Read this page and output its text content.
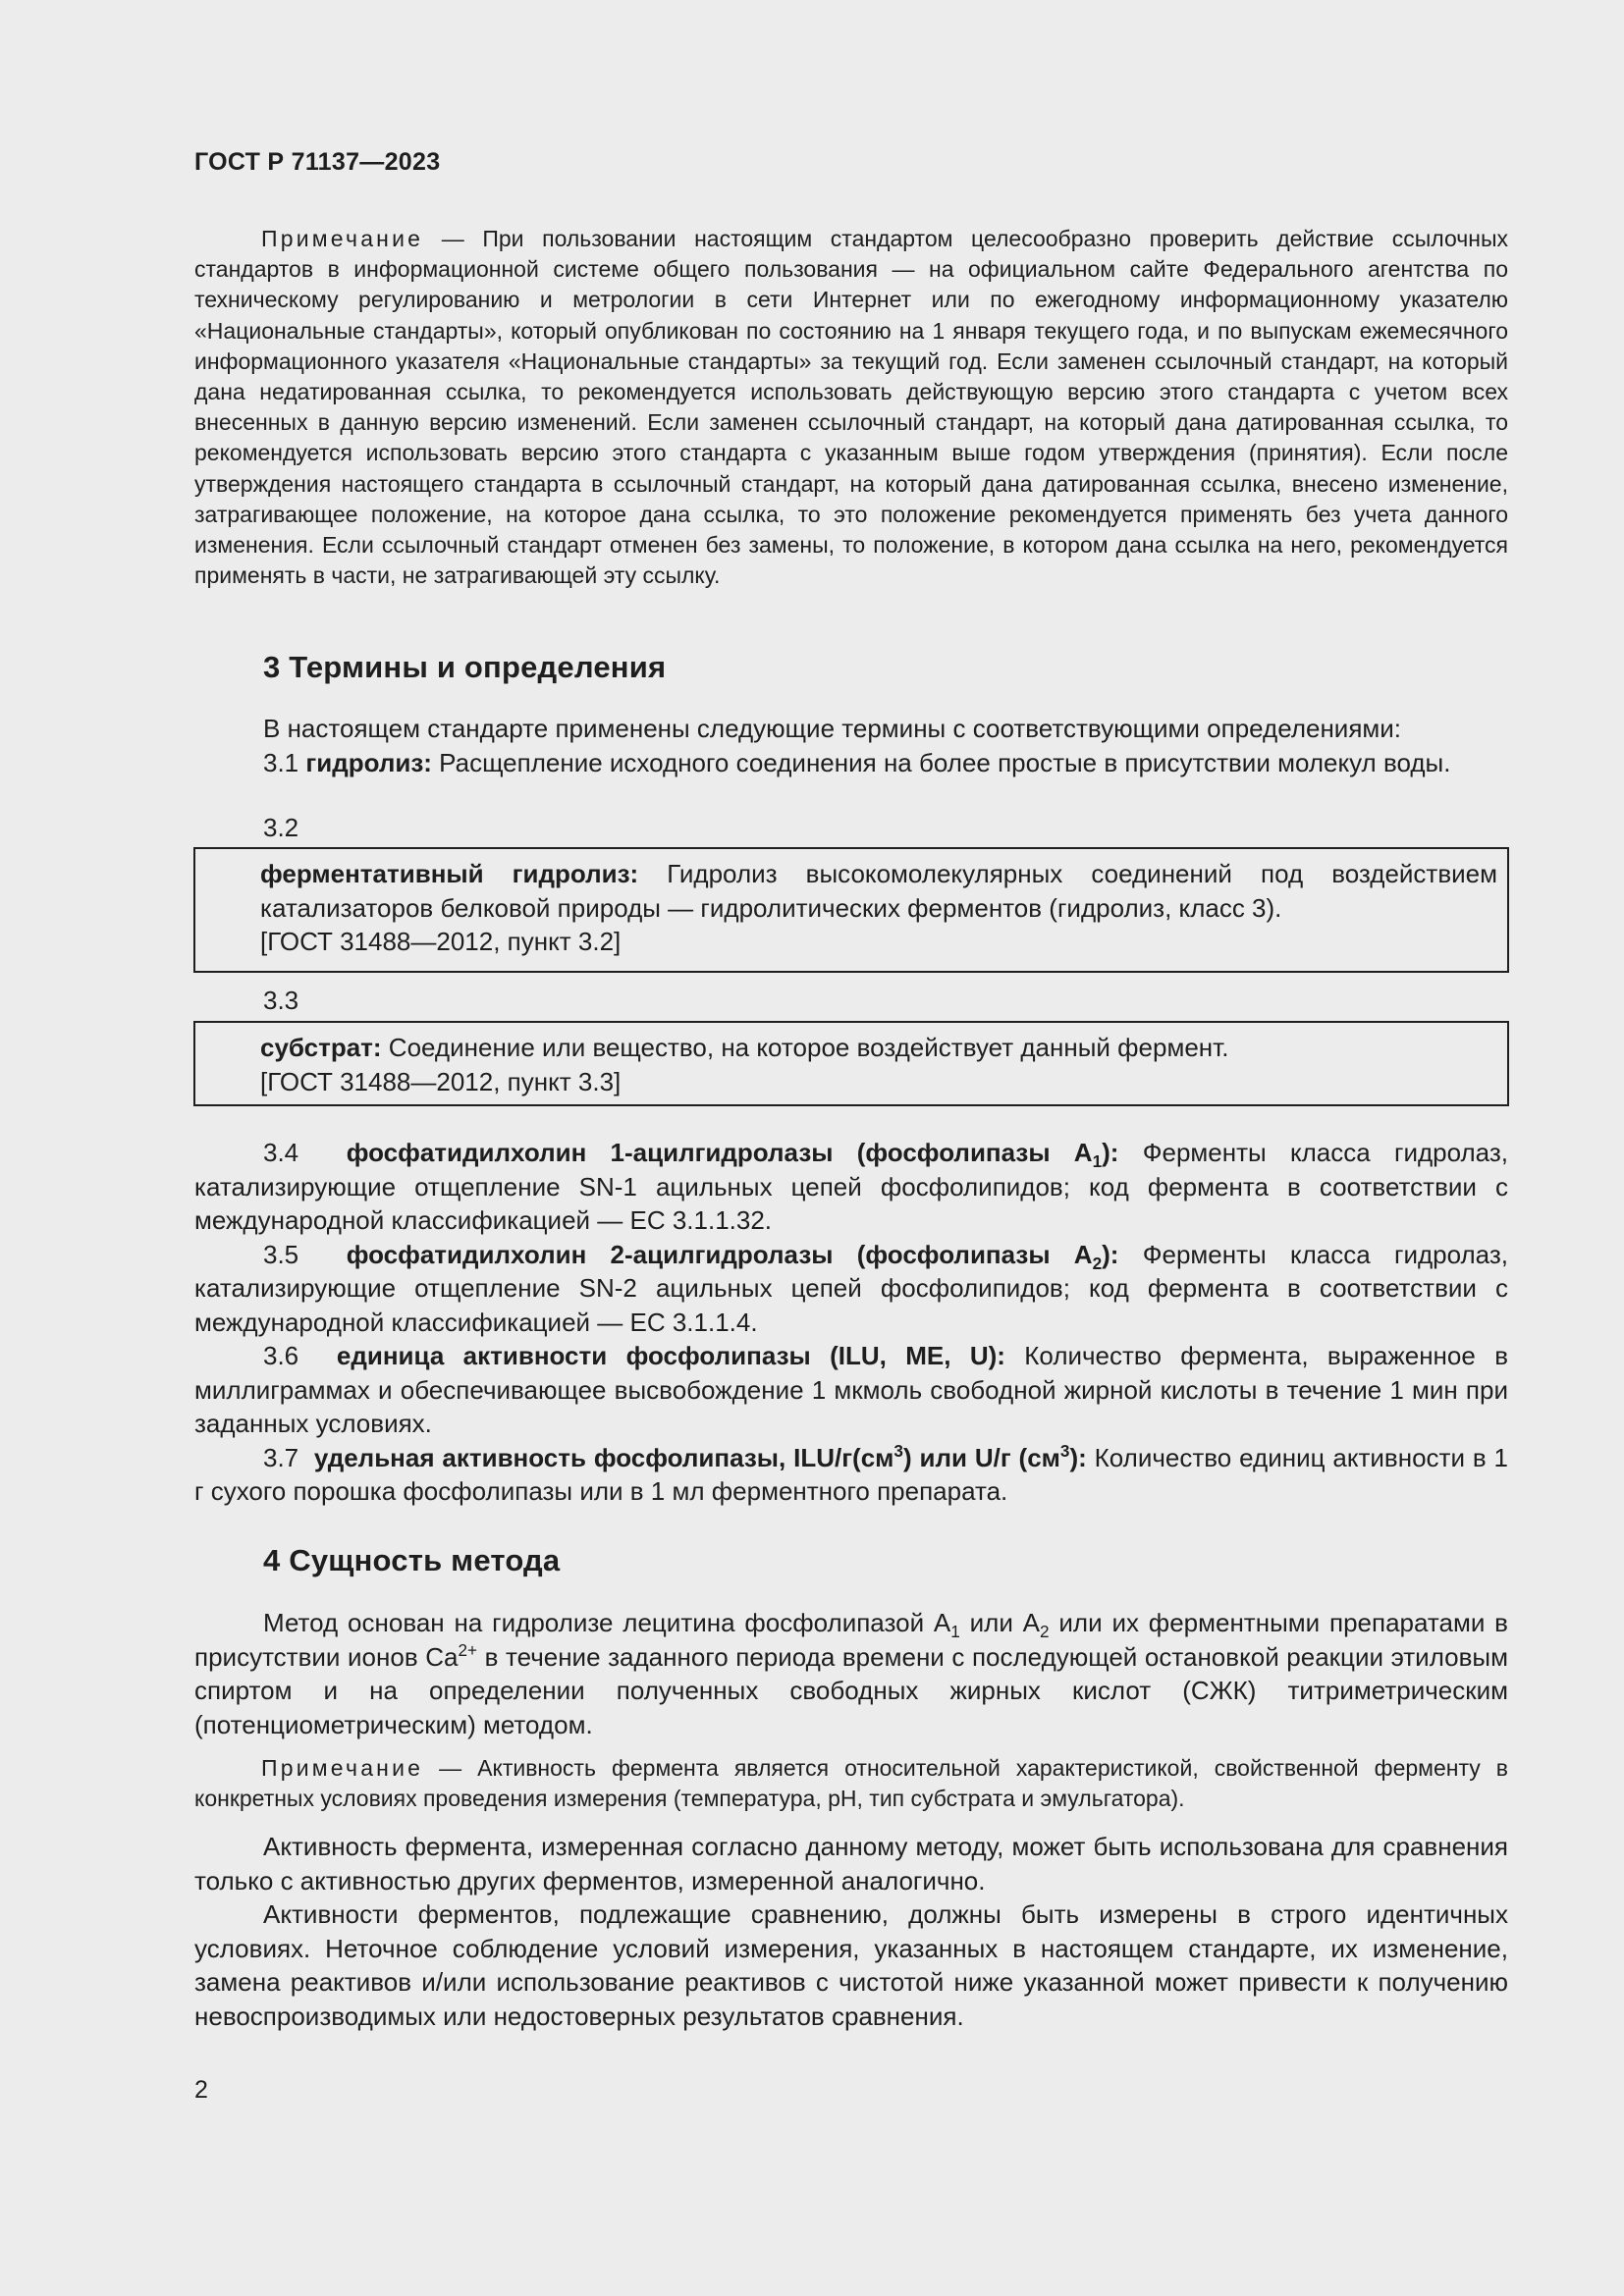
ГОСТ Р 71137—2023
Примечание — При пользовании настоящим стандартом целесообразно проверить действие ссылочных стандартов в информационной системе общего пользования — на официальном сайте Федерального агентства по техническому регулированию и метрологии в сети Интернет или по ежегодному информационному указателю «Национальные стандарты», который опубликован по состоянию на 1 января текущего года, и по выпускам ежемесячного информационного указателя «Национальные стандарты» за текущий год. Если заменен ссылочный стандарт, на который дана недатированная ссылка, то рекомендуется использовать действующую версию этого стандарта с учетом всех внесенных в данную версию изменений. Если заменен ссылочный стандарт, на который дана датированная ссылка, то рекомендуется использовать версию этого стандарта с указанным выше годом утверждения (принятия). Если после утверждения настоящего стандарта в ссылочный стандарт, на который дана датированная ссылка, внесено изменение, затрагивающее положение, на которое дана ссылка, то это положение рекомендуется применять без учета данного изменения. Если ссылочный стандарт отменен без замены, то положение, в котором дана ссылка на него, рекомендуется применять в части, не затрагивающей эту ссылку.
3 Термины и определения

В настоящем стандарте применены следующие термины с соответствующими определениями:

3.1 гидролиз: Расщепление исходного соединения на более простые в присутствии молекул воды.

3.2

ферментативный гидролиз: Гидролиз высокомолекулярных соединений под воздействием катализаторов белковой природы — гидролитических ферментов (гидролиз, класс 3).

[ГОСТ 31488—2012, пункт 3.2]

3.3

субстрат: Соединение или вещество, на которое воздействует данный фермент.

[ГОСТ 31488—2012, пункт 3.3]

3.4 фосфатидилхолин 1-ацилгидролазы (фосфолипазы $A_1$): Ферменты класса гидролаз, катализирующие отщепление SN-1 ацильных цепей фосфолипидов; код фермента в соответствии с международной классификацией — ЕС 3.1.1.32.

3.5 фосфатидилхолин 2-ацилгидролазы (фосфолипазы $A_2$): Ферменты класса гидролаз, катализирующие отщепление SN-2 ацильных цепей фосфолипидов; код фермента в соответствии с международной классификацией — ЕС 3.1.1.4.

3.6 единица активности фосфолипазы (ILU, ME, U): Количество фермента, выраженное в миллиграммах и обеспечивающее высвобождение 1 мкмоль свободной жирной кислоты в течение 1 мин при заданных условиях.

3.7 удельная активность фосфолипазы, ILU/$г(см^3)$ или U/г $(см^3)$: Количество единиц активности в 1 г сухого порошка фосфолипазы или в 1 мл ферментного препарата.

4 Сущность метода

Метод основан на гидролизе лецитина фосфолипазой $A_1$ или $A_2$ или их ферментными препаратами в присутствии ионов $Ca^{2+}$ в течение заданного периода времени с последующей остановкой реакции этиловым спиртом и на определении полученных свободных жирных кислот (СЖК) титриметрическим (потенциометрическим) методом.

Примечание — Активность фермента является относительной характеристикой, свойственной ферменту в конкретных условиях проведения измерения (температура, pH, тип субстрата и эмульгатора).

Активность фермента, измеренная согласно данному методу, может быть использована для сравнения только с активностью других ферментов, измеренной аналогично.

Активности ферментов, подлежащие сравнению, должны быть измерены в строго идентичных условиях. Неточное соблюдение условий измерения, указанных в настоящем стандарте, их изменение, замена реактивов и/или использование реактивов с чистотой ниже указанной может привести к получению невоспроизводимых или недостоверных результатов сравнения.

2
